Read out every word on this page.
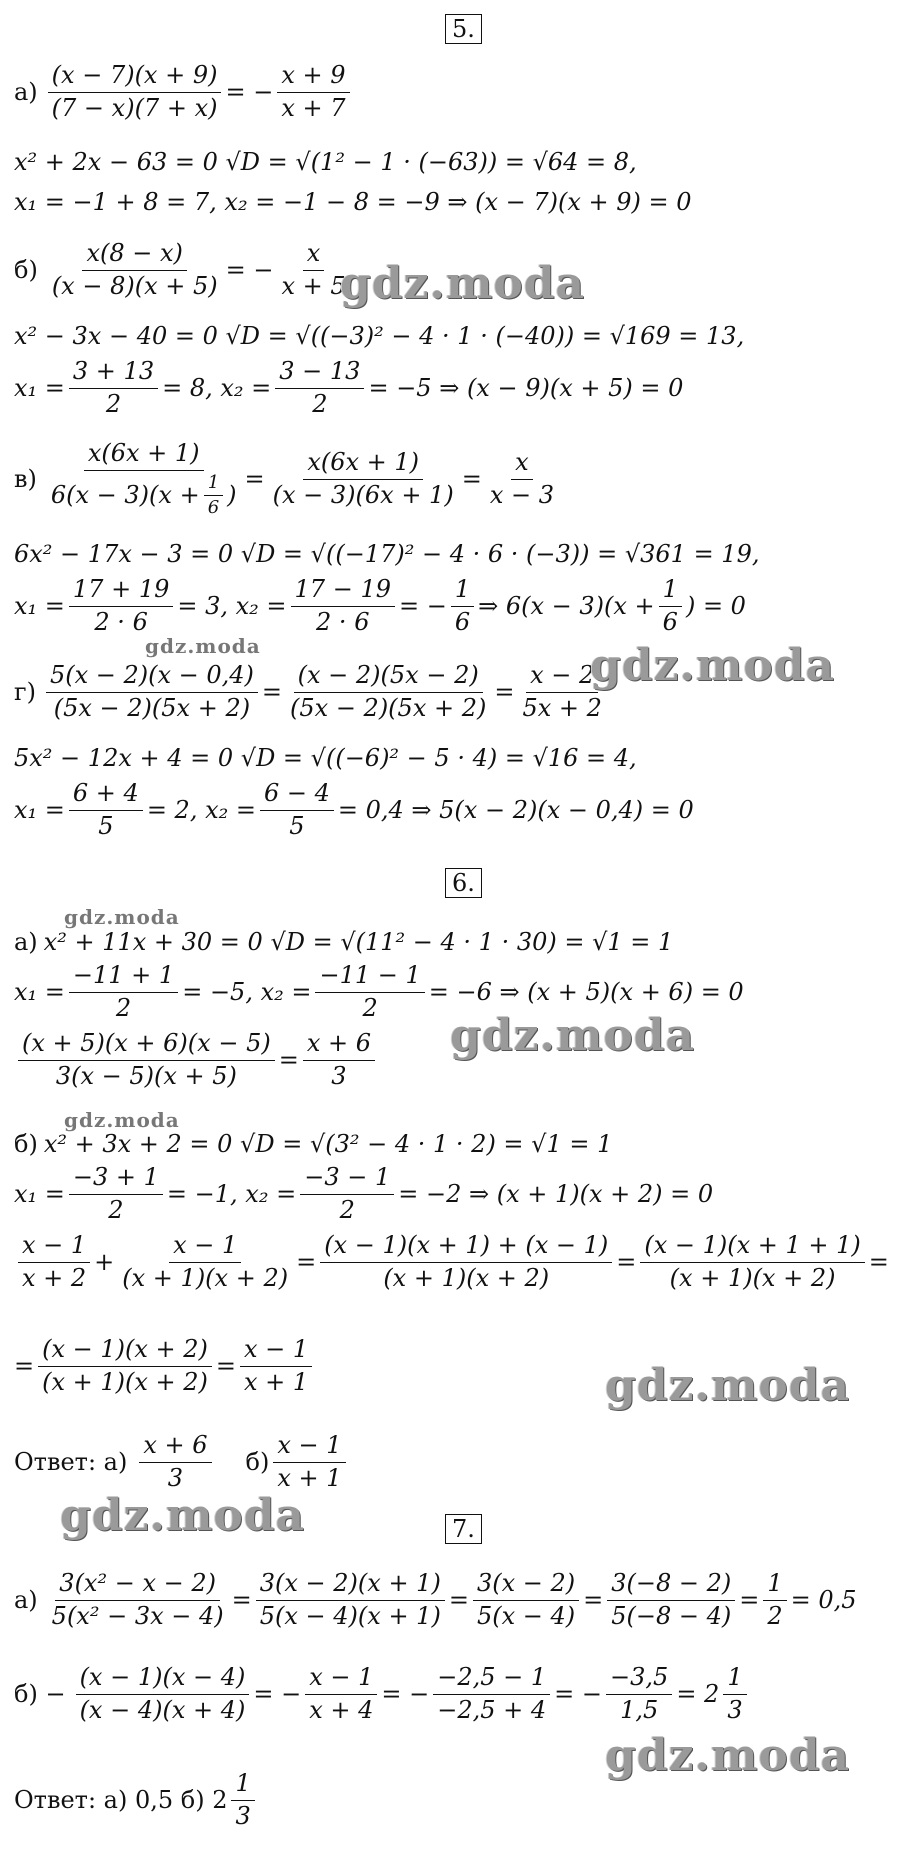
5.
$а) \frac{(x - 7)(x + 9)}{(7 - x)(7 + x)}$ = − $\frac{x + 9}{x + 7}$
x² + 2x − 63 = 0 √D = √(1² − 1 · (−63)) = √64 = 8,
x₁ = −1 + 8 = 7, x₂ = −1 − 8 = −9 ⇒ (x − 7)(x + 9) = 0
$б) \frac{x(8 - x)}{(x - 8)(x + 5)}$ = − $\frac{x}{x + 5}$
x² − 3x − 40 = 0 √D = √((−3)² − 4 · 1 · (−40)) = √169 = 13,
$x_1 = \frac{3 + 13}{2} = 8$, $x_2 = \frac{3 - 13}{2} = -5$ ⇒ (x − 9)(x + 5) = 0
$в) \frac{x(6x + 1)}{6(x - 3)(x + \frac{1}{6} )} = \frac{x(6x + 1)}{(x - 3)(6x + 1)} = \frac{x}{x - 3}$
6x² − 17x − 3 = 0 √D = √((−17)² − 4 · 6 · (−3)) = √361 = 19,
$x_1 = \frac{17 + 19}{2 \cdot 6} = 3$, $x_2 = \frac{17 - 19}{2 \cdot 6}$ = − $\frac{1}{6}$ ⇒ $6(x - 3)(x + \frac{1}{6}$ ) = 0
$г) \frac{5(x - 2)(x - 0,4)}{(5x - 2)(5x + 2)} = \frac{(x - 2)(5x - 2)}{(5x - 2)(5x + 2)} = \frac{x - 2}{5x + 2}$
5x² − 12x + 4 = 0 √D = √((−6)² − 5 · 4) = √16 = 4,
$x_1 = \frac{6 + 4}{5} = 2$, $x_2 = \frac{6 - 4}{5} = 0,4$ ⇒ 5(x − 2)(x − 0,4) = 0
6.
а) x² + 11x + 30 = 0 √D = √(11² − 4 · 1 · 30) = √1 = 1
$x_1 = \frac{-11 + 1}{2} = -5$, $x_2 = \frac{-11 - 1}{2} = -6$ ⇒ (x + 5)(x + 6) = 0
$\frac{(x + 5)(x + 6)(x - 5)}{3(x - 5)(x + 5)} = \frac{x + 6}{3}$
б) x² + 3x + 2 = 0 √D = √(3² − 4 · 1 · 2) = √1 = 1
$x_1 = \frac{-3 + 1}{2} = -1$, $x_2 = \frac{-3 - 1}{2} = -2$ ⇒ (x + 1)(x + 2) = 0
$\frac{x - 1}{x + 2} + \frac{x - 1}{(x + 1)(x + 2)} = \frac{(x - 1)(x + 1) + (x - 1)}{(x + 1)(x + 2)} = \frac{(x - 1)(x + 1 + 1)}{(x + 1)(x + 2)}$ =
= $\frac{(x - 1)(x + 2)}{(x + 1)(x + 2)} = \frac{x - 1}{x + 1}$
Ответ: $а) \frac{x + 6}{3} б) \frac{x - 1}{x + 1}$
7.
$а) \frac{\text{3(x² − x − 2)}}{\text{5(x² − 3x − 4)}} = \frac{3(x - 2)(x + 1)}{5(x - 4)(x + 1)} = \frac{3(x - 2)}{5(x - 4)} = \frac{3(-8 - 2)}{5(-8 - 4)} = \frac{1}{2} = 0,5$
$б) - \frac{(x - 1)(x - 4)}{(x - 4)(x + 4)}$ = − $\frac{x - 1}{x + 4}$ = − $\frac{-2,5 - 1}{-2,5 + 4}$ = − $\frac{-3,5}{1,5} = 2 \frac{1}{3}$
Ответ: а) 0,5 б) $2 \frac{1}{3}$
gdz.moda
gdz.moda	gdz.moda
gdz.moda
gdz.moda
gdz.moda
gdz.moda
gdz.moda
gdz.moda
